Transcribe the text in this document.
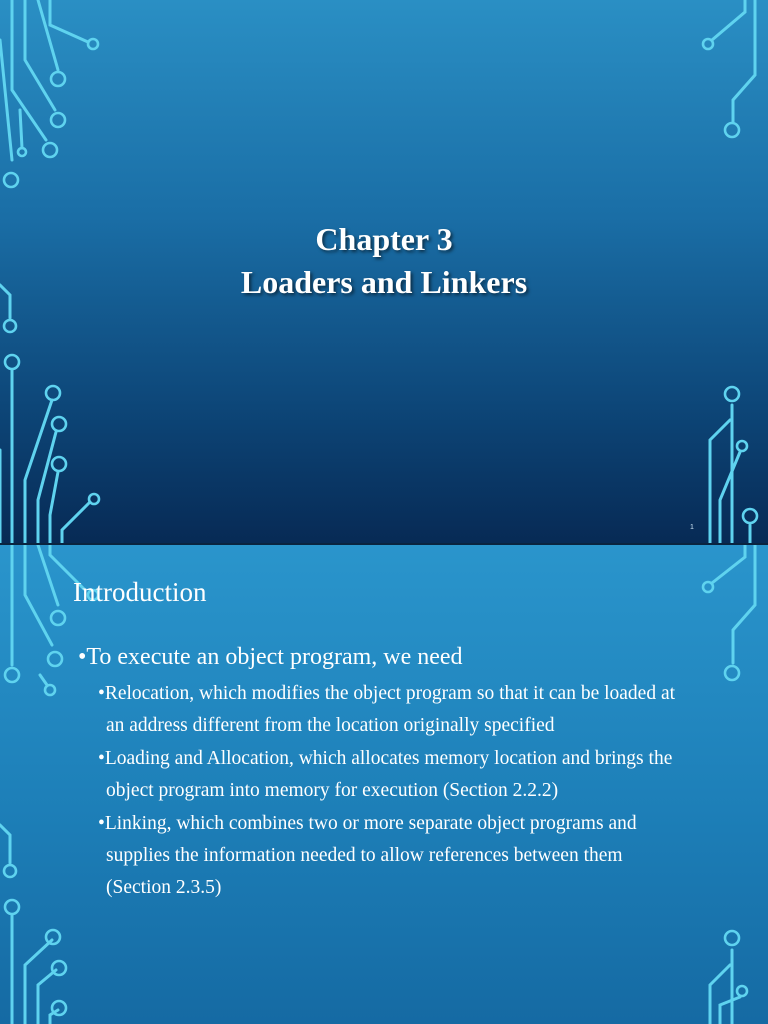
Chapter 3
Loaders and Linkers
1
Introduction
•To execute an object program, we need
•Relocation, which modifies the object program so that it can be loaded at an address different from the location originally specified
•Loading and Allocation, which allocates memory location and brings the object program into memory for execution (Section 2.2.2)
•Linking, which combines two or more separate object programs and supplies the information needed to allow references between them (Section 2.3.5)
